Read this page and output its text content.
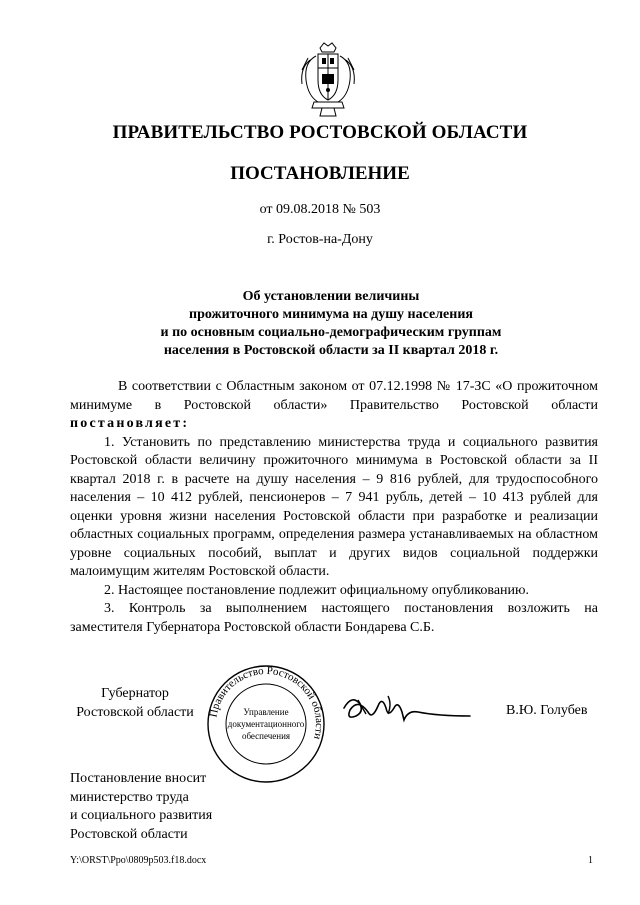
ПРАВИТЕЛЬСТВО РОСТОВСКОЙ ОБЛАСТИ
ПОСТАНОВЛЕНИЕ
от 09.08.2018 № 503
г. Ростов-на-Дону
Об установлении величины
прожиточного минимума на душу населения
и по основным социально-демографическим группам
населения в Ростовской области за II квартал 2018 г.

В соответствии с Областным законом от 07.12.1998 № 17-ЗС «О прожиточном минимуме в Ростовской области» Правительство Ростовской области постановляет:

1. Установить по представлению министерства труда и социального развития Ростовской области величину прожиточного минимума в Ростовской области за II квартал 2018 г. в расчете на душу населения – 9 816 рублей, для трудоспособного населения – 10 412 рублей, пенсионеров – 7 941 рубль, детей – 10 413 рублей для оценки уровня жизни населения Ростовской области при разработке и реализации областных социальных программ, определения размера устанавливаемых на областном уровне социальных пособий, выплат и других видов социальной поддержки малоимущим жителям Ростовской области.

2. Настоящее постановление подлежит официальному опубликованию.

3. Контроль за выполнением настоящего постановления возложить на заместителя Губернатора Ростовской области Бондарева С.Б.

Губернатор
Ростовской области	Правительство Ростовской области
Управление
документационного
обеспечения
В.Ю. Голубев
Постановление вносит
министерство труда
и социального развития
Ростовской области
Y:\ORST\Ppo\0809p503.f18.docx	1
